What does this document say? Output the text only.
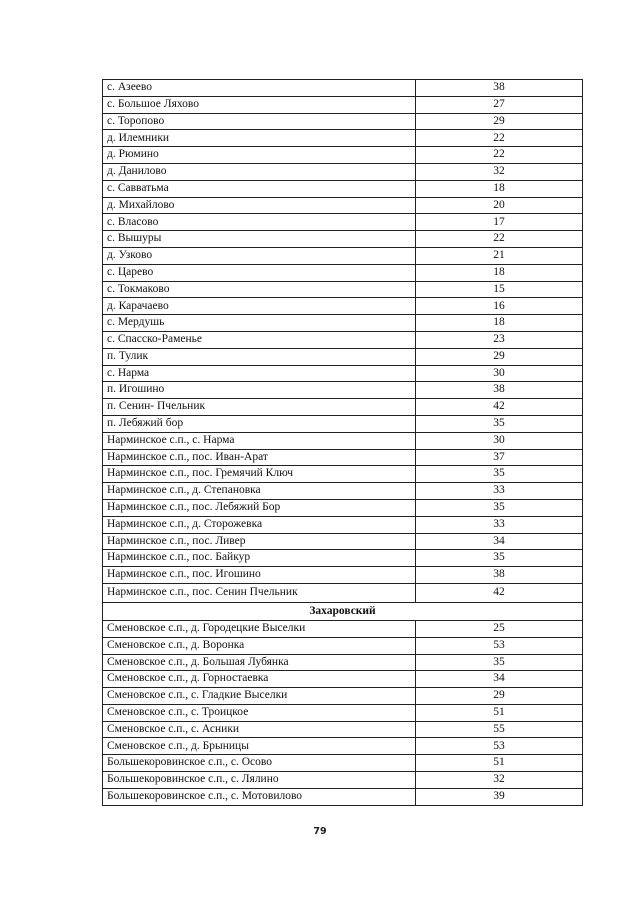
с. Азеево	38
с. Большое Ляхово	27
с. Торопово	29
д. Илемники	22
д. Рюмино	22
д. Данилово	32
с. Савватьма	18
д. Михайлово	20
с. Власово	17
с. Вышуры	22
д. Узково	21
с. Царево	18
с. Токмаково	15
д. Карачаево	16
с. Мердушь	18
с. Спасско-Раменье	23
п. Тулик	29
с. Нарма	30
п. Игошино	38
п. Сенин- Пчельник	42
п. Лебяжий бор	35
Нарминское с.п., с. Нарма	30
Нарминское с.п., пос. Иван-Арат	37
Нарминское с.п., пос. Гремячий Ключ	35
Нарминское с.п., д. Степановка	33
Нарминское с.п., пос. Лебяжий Бор	35
Нарминское с.п., д. Сторожевка	33
Нарминское с.п., пос. Ливер	34
Нарминское с.п., пос. Байкур	35
Нарминское с.п., пос. Игошино	38
Нарминское с.п., пос. Сенин Пчельник	42
Захаровский	
Сменовское с.п., д. Городецкие Выселки	25
Сменовское с.п., д. Воронка	53
Сменовское с.п., д. Большая Лубянка	35
Сменовское с.п., д. Горностаевка	34
Сменовское с.п., с. Гладкие Выселки	29
Сменовское с.п., с. Троицкое	51
Сменовское с.п., с. Асники	55
Сменовское с.п., д. Брыницы	53
Большекоровинское с.п., с. Осово	51
Большекоровинское с.п., с. Лялино	32
Большекоровинское с.п., с. Мотовилово	39
79
